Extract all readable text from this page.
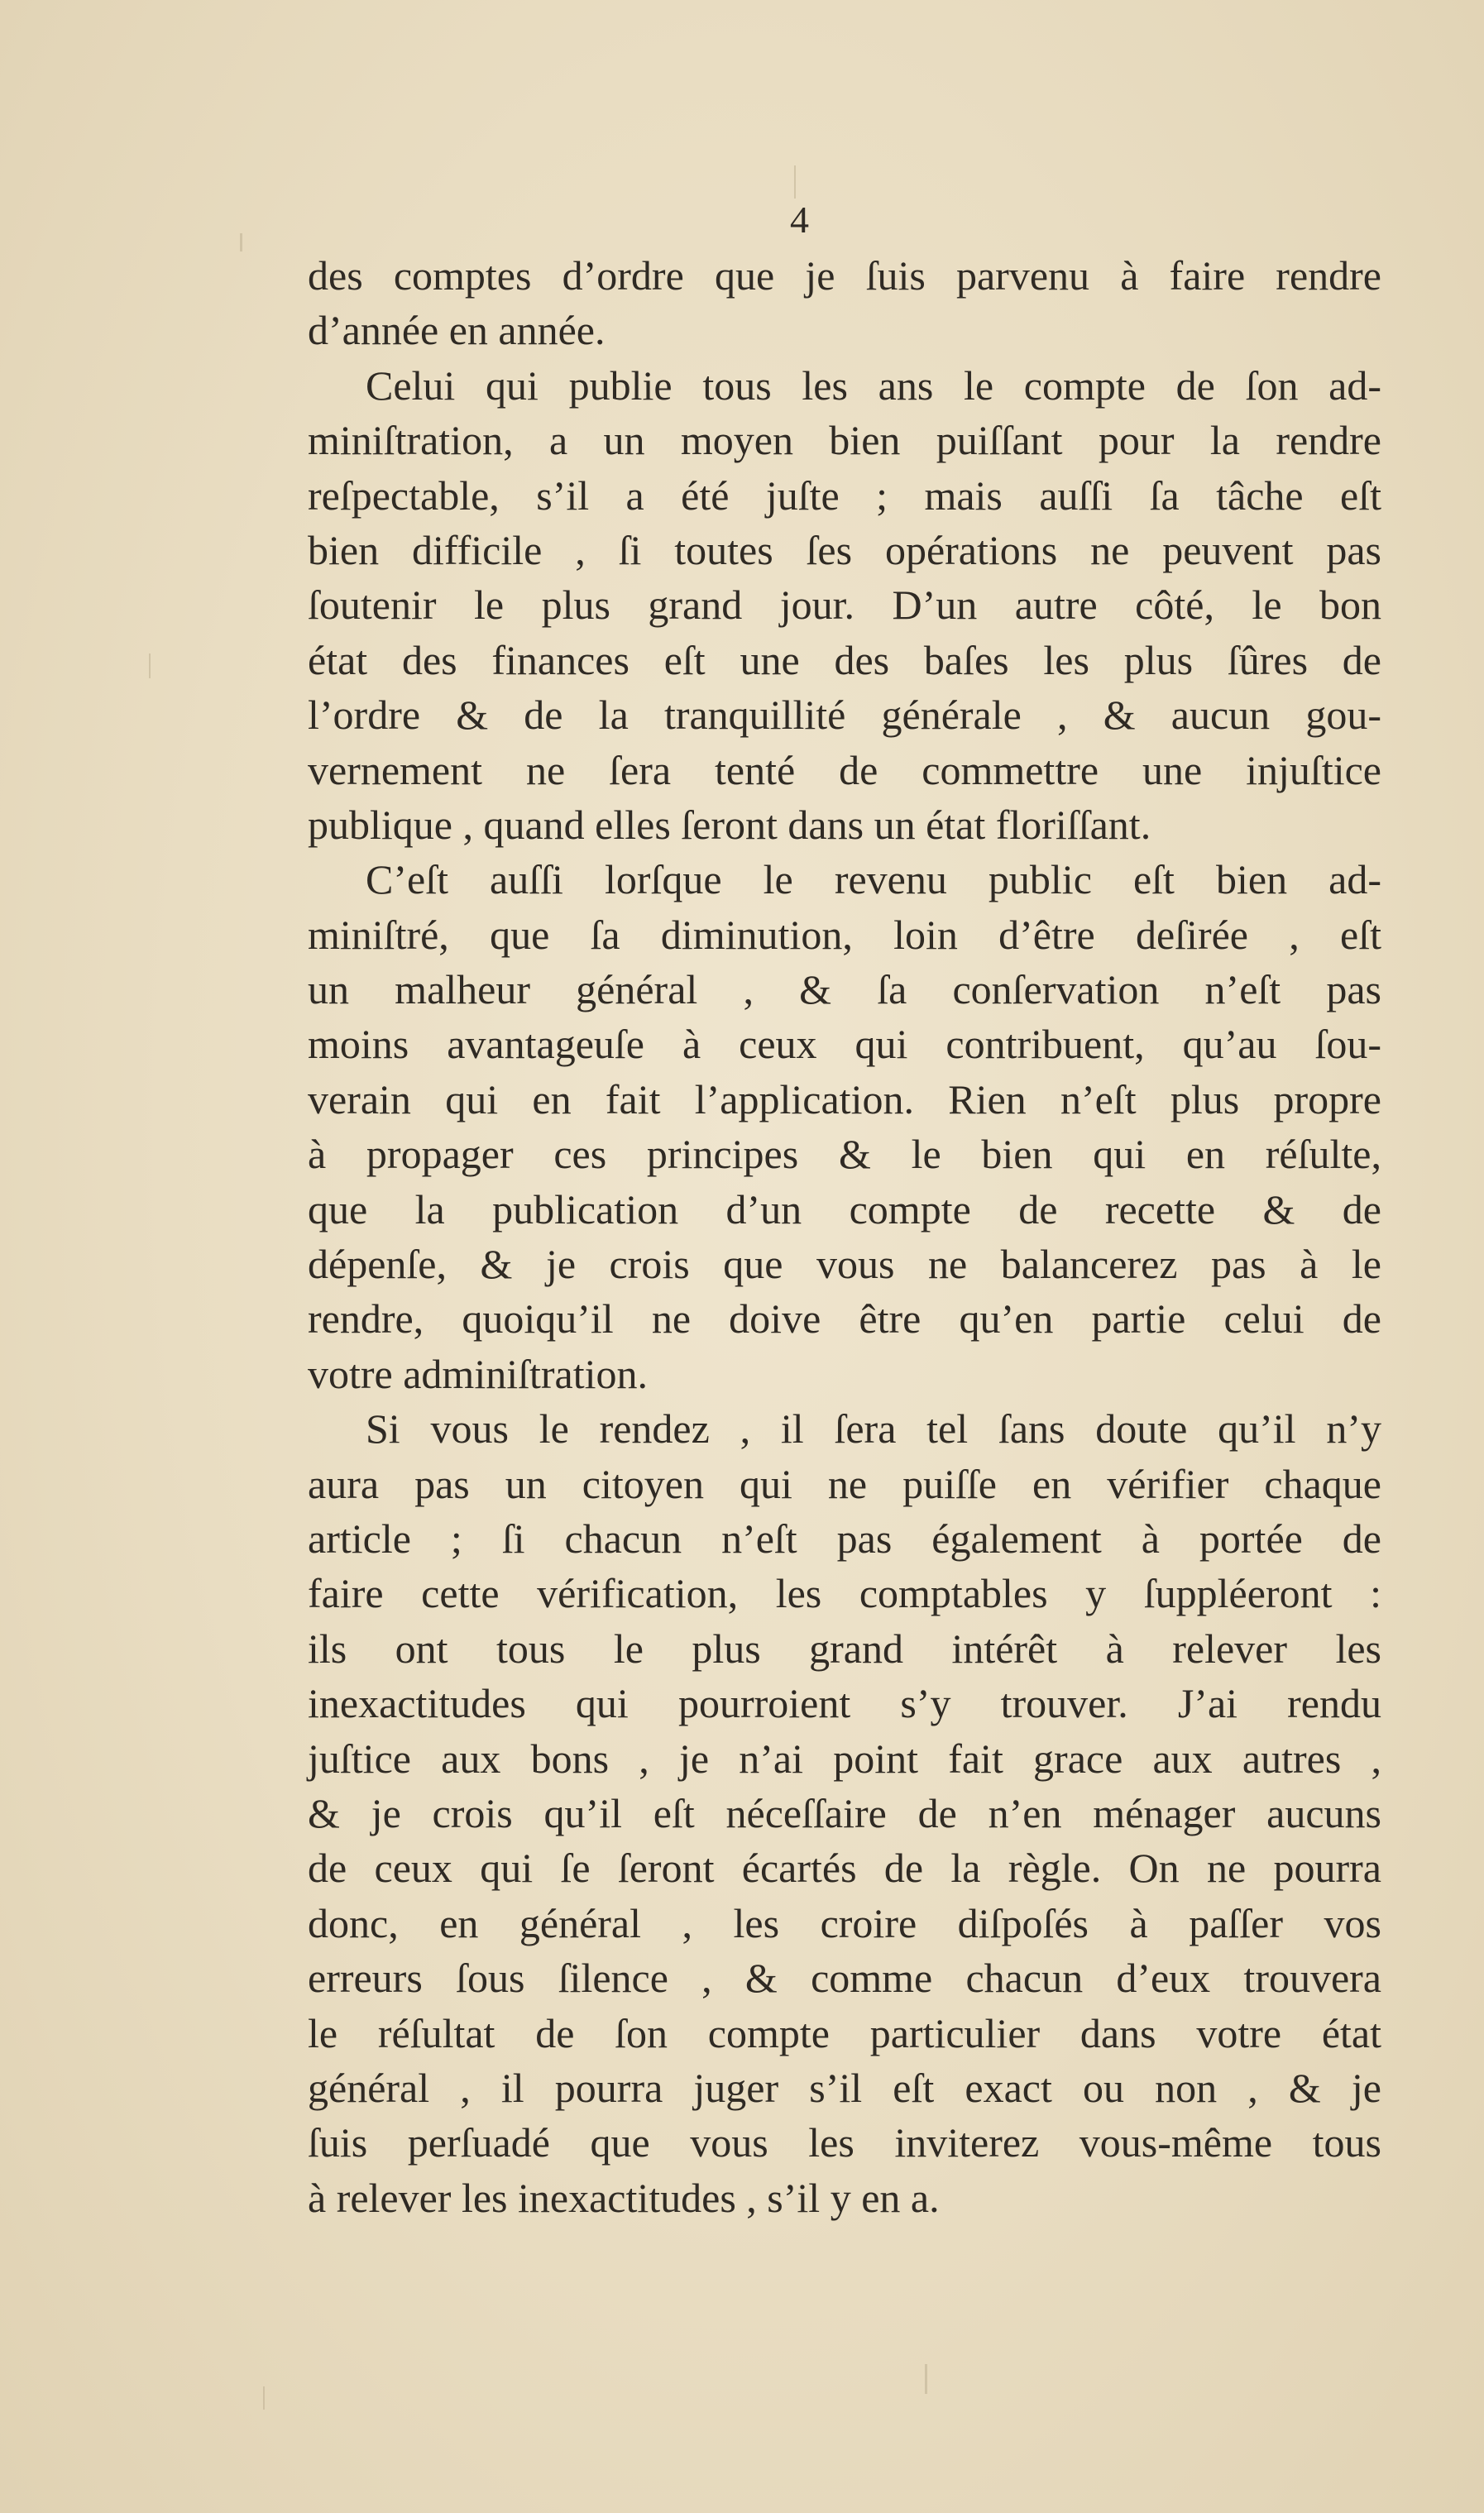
4
des comptes d’ordre que je ſuis parvenu à faire rendre
d’année en année.
Celui qui publie tous les ans le compte de ſon ad-
miniſtration, a un moyen bien puiſſant pour la rendre
reſpectable, s’il a été juſte ; mais auſſi ſa tâche eſt
bien difficile , ſi toutes ſes opérations ne peuvent pas
ſoutenir le plus grand jour. D’un autre côté, le bon
état des finances eſt une des baſes les plus ſûres de
l’ordre & de la tranquillité générale , & aucun gou-
vernement ne ſera tenté de commettre une injuſtice
publique , quand elles ſeront dans un état floriſſant.
C’eſt auſſi lorſque le revenu public eſt bien ad-
miniſtré, que ſa diminution, loin d’être deſirée , eſt
un malheur général , & ſa conſervation n’eſt pas
moins avantageuſe à ceux qui contribuent, qu’au ſou-
verain qui en fait l’application. Rien n’eſt plus propre
à propager ces principes & le bien qui en réſulte,
que la publication d’un compte de recette & de
dépenſe, & je crois que vous ne balancerez pas à le
rendre, quoiqu’il ne doive être qu’en partie celui de
votre adminiſtration.
Si vous le rendez , il ſera tel ſans doute qu’il n’y
aura pas un citoyen qui ne puiſſe en vérifier chaque
article ; ſi chacun n’eſt pas également à portée de
faire cette vérification, les comptables y ſuppléeront :
ils ont tous le plus grand intérêt à relever les
inexactitudes qui pourroient s’y trouver. J’ai rendu
juſtice aux bons , je n’ai point fait grace aux autres ,
& je crois qu’il eſt néceſſaire de n’en ménager aucuns
de ceux qui ſe ſeront écartés de la règle. On ne pourra
donc, en général , les croire diſpoſés à paſſer vos
erreurs ſous ſilence , & comme chacun d’eux trouvera
le réſultat de ſon compte particulier dans votre état
général , il pourra juger s’il eſt exact ou non , & je
ſuis perſuadé que vous les inviterez vous-même tous
à relever les inexactitudes , s’il y en a.
